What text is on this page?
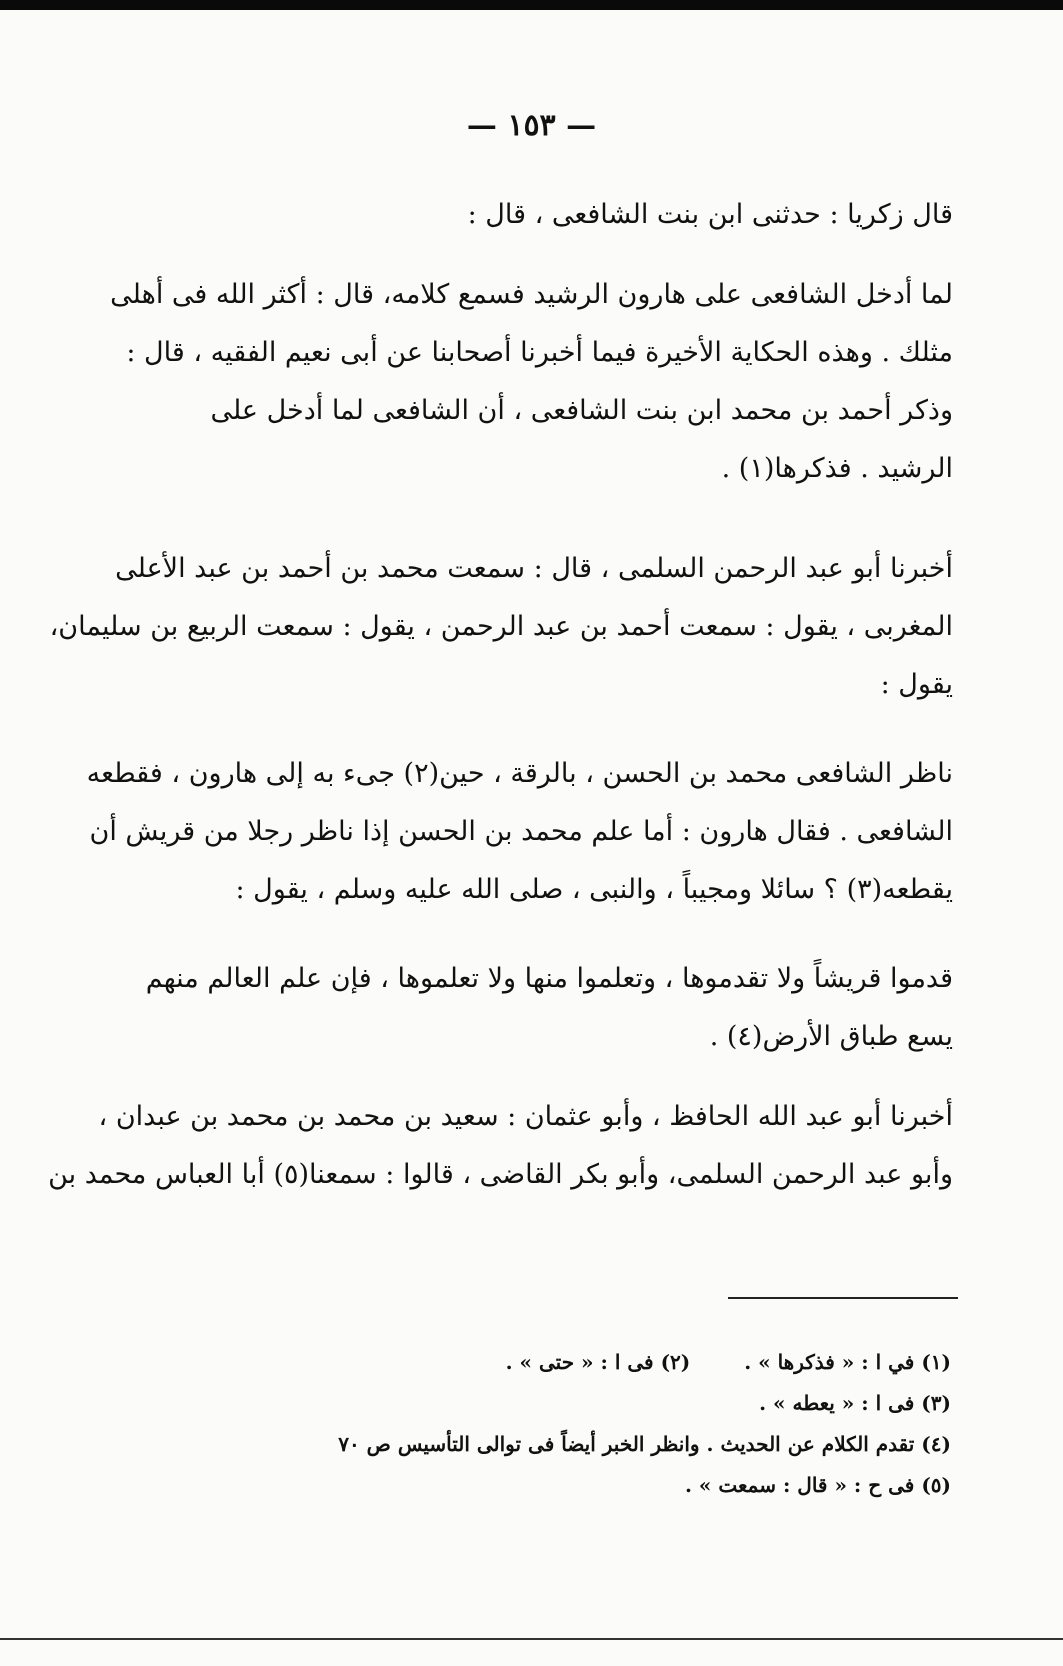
— ١٥٣ —
قال زكريا : حدثنى ابن بنت الشافعى ، قال :
لما أدخل الشافعى على هارون الرشيد فسمع كلامه، قال : أكثر الله فى أهلى
مثلك . وهذه الحكاية الأخيرة فيما أخبرنا أصحابنا عن أبى نعيم الفقيه ، قال :
وذكر أحمد بن محمد ابن بنت الشافعى ، أن الشافعى لما أدخل على
الرشيد . فذكرها(١) .
أخبرنا أبو عبد الرحمن السلمى ، قال : سمعت محمد بن أحمد بن عبد الأعلى
المغربى ، يقول : سمعت أحمد بن عبد الرحمن ، يقول : سمعت الربيع بن سليمان،
يقول :
ناظر الشافعى محمد بن الحسن ، بالرقة ، حين(٢) جىء به إلى هارون ، فقطعه
الشافعى . فقال هارون : أما علم محمد بن الحسن إذا ناظر رجلا من قريش أن
يقطعه(٣) ؟ سائلا ومجيباً ، والنبى ، صلى الله عليه وسلم ، يقول :
قدموا قريشاً ولا تقدموها ، وتعلموا منها ولا تعلموها ، فإن علم العالم منهم
يسع طباق الأرض(٤) .
أخبرنا أبو عبد الله الحافظ ، وأبو عثمان : سعيد بن محمد بن محمد بن عبدان ،
وأبو عبد الرحمن السلمى، وأبو بكر القاضى ، قالوا : سمعنا(٥) أبا العباس محمد بن
(١) في ا : « فذكرها » .  (٢) فى ا : « حتى » .
(٣) فى ا : « يعطه » .
(٤) تقدم الكلام عن الحديث . وانظر الخبر أيضاً فى توالى التأسيس ص ٧٠
(٥) فى ح : « قال : سمعت » .
